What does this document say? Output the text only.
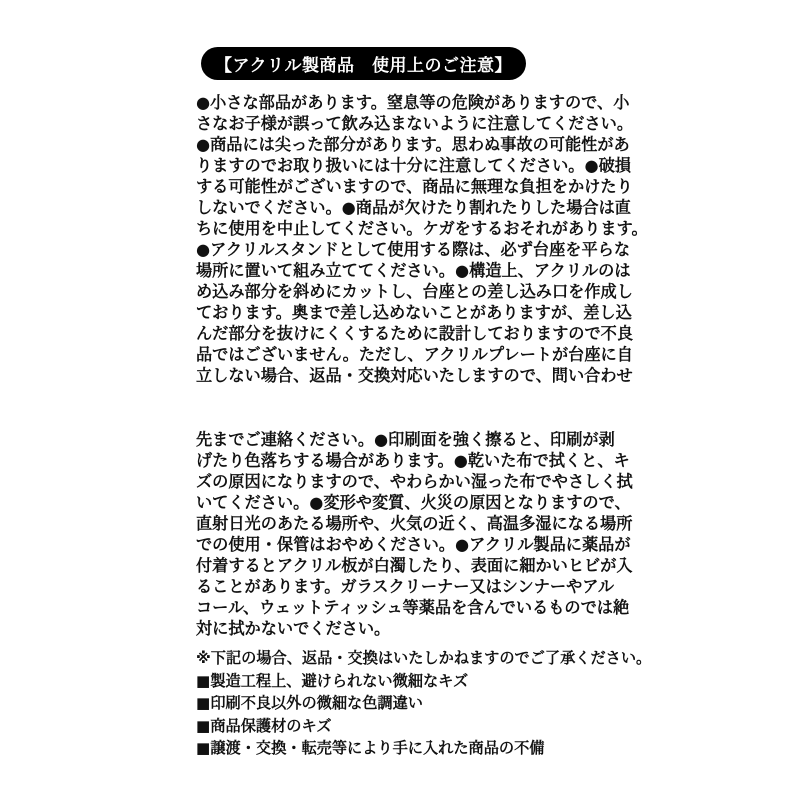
【アクリル製商品　使用上のご注意】
●小さな部品があります。窒息等の危険がありますので、小
さなお子様が誤って飲み込まないように注意してください。
●商品には尖った部分があります。思わぬ事故の可能性があ
りますのでお取り扱いには十分に注意してください。●破損
する可能性がございますので、商品に無理な負担をかけたり
しないでください。●商品が欠けたり割れたりした場合は直
ちに使用を中止してください。ケガをするおそれがあります。
●アクリルスタンドとして使用する際は、必ず台座を平らな
場所に置いて組み立ててください。●構造上、アクリルのは
め込み部分を斜めにカットし、台座との差し込み口を作成し
ております。奥まで差し込めないことがありますが、差し込
んだ部分を抜けにくくするために設計しておりますので不良
品ではございません。ただし、アクリルプレートが台座に自
立しない場合、返品・交換対応いたしますので、問い合わせ
先までご連絡ください。●印刷面を強く擦ると、印刷が剥
げたり色落ちする場合があります。●乾いた布で拭くと、キ
ズの原因になりますので、やわらかい湿った布でやさしく拭
いてください。●変形や変質、火災の原因となりますので、
直射日光のあたる場所や、火気の近く、高温多湿になる場所
での使用・保管はおやめください。●アクリル製品に薬品が
付着するとアクリル板が白濁したり、表面に細かいヒビが入
ることがあります。ガラスクリーナー又はシンナーやアル
コール、ウェットティッシュ等薬品を含んでいるものでは絶
対に拭かないでください。
※下記の場合、返品・交換はいたしかねますのでご了承ください。
■製造工程上、避けられない微細なキズ
■印刷不良以外の微細な色調違い
■商品保護材のキズ
■譲渡・交換・転売等により手に入れた商品の不備
